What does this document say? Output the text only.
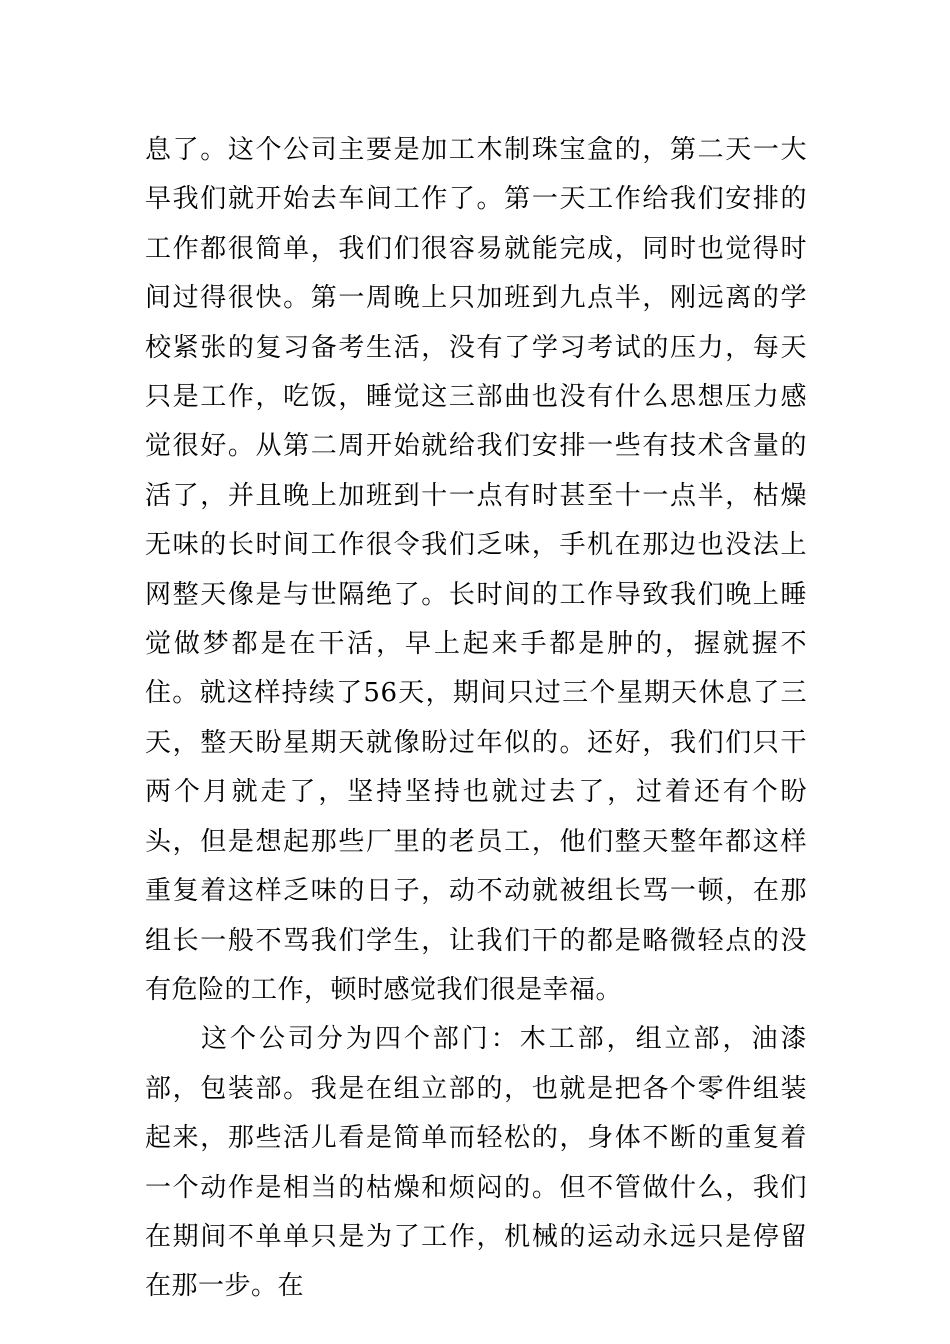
息了。这个公司主要是加工木制珠宝盒的，第二天一大早我们就开始去车间工作了。第一天工作给我们安排的工作都很简单，我们们很容易就能完成，同时也觉得时间过得很快。第一周晚上只加班到九点半，刚远离的学校紧张的复习备考生活，没有了学习考试的压力，每天只是工作，吃饭，睡觉这三部曲也没有什么思想压力感觉很好。从第二周开始就给我们安排一些有技术含量的活了，并且晚上加班到十一点有时甚至十一点半，枯燥无味的长时间工作很令我们乏味，手机在那边也没法上网整天像是与世隔绝了。长时间的工作导致我们晚上睡觉做梦都是在干活，早上起来手都是肿的，握就握不住。就这样持续了56天，期间只过三个星期天休息了三天，整天盼星期天就像盼过年似的。还好，我们们只干两个月就走了，坚持坚持也就过去了，过着还有个盼头，但是想起那些厂里的老员工，他们整天整年都这样重复着这样乏味的日子，动不动就被组长骂一顿，在那组长一般不骂我们学生，让我们干的都是略微轻点的没有危险的工作，顿时感觉我们很是幸福。

这个公司分为四个部门：木工部，组立部，油漆部，包装部。我是在组立部的，也就是把各个零件组装起来，那些活儿看是简单而轻松的，身体不断的重复着一个动作是相当的枯燥和烦闷的。但不管做什么，我们在期间不单单只是为了工作，机械的运动永远只是停留在那一步。在
